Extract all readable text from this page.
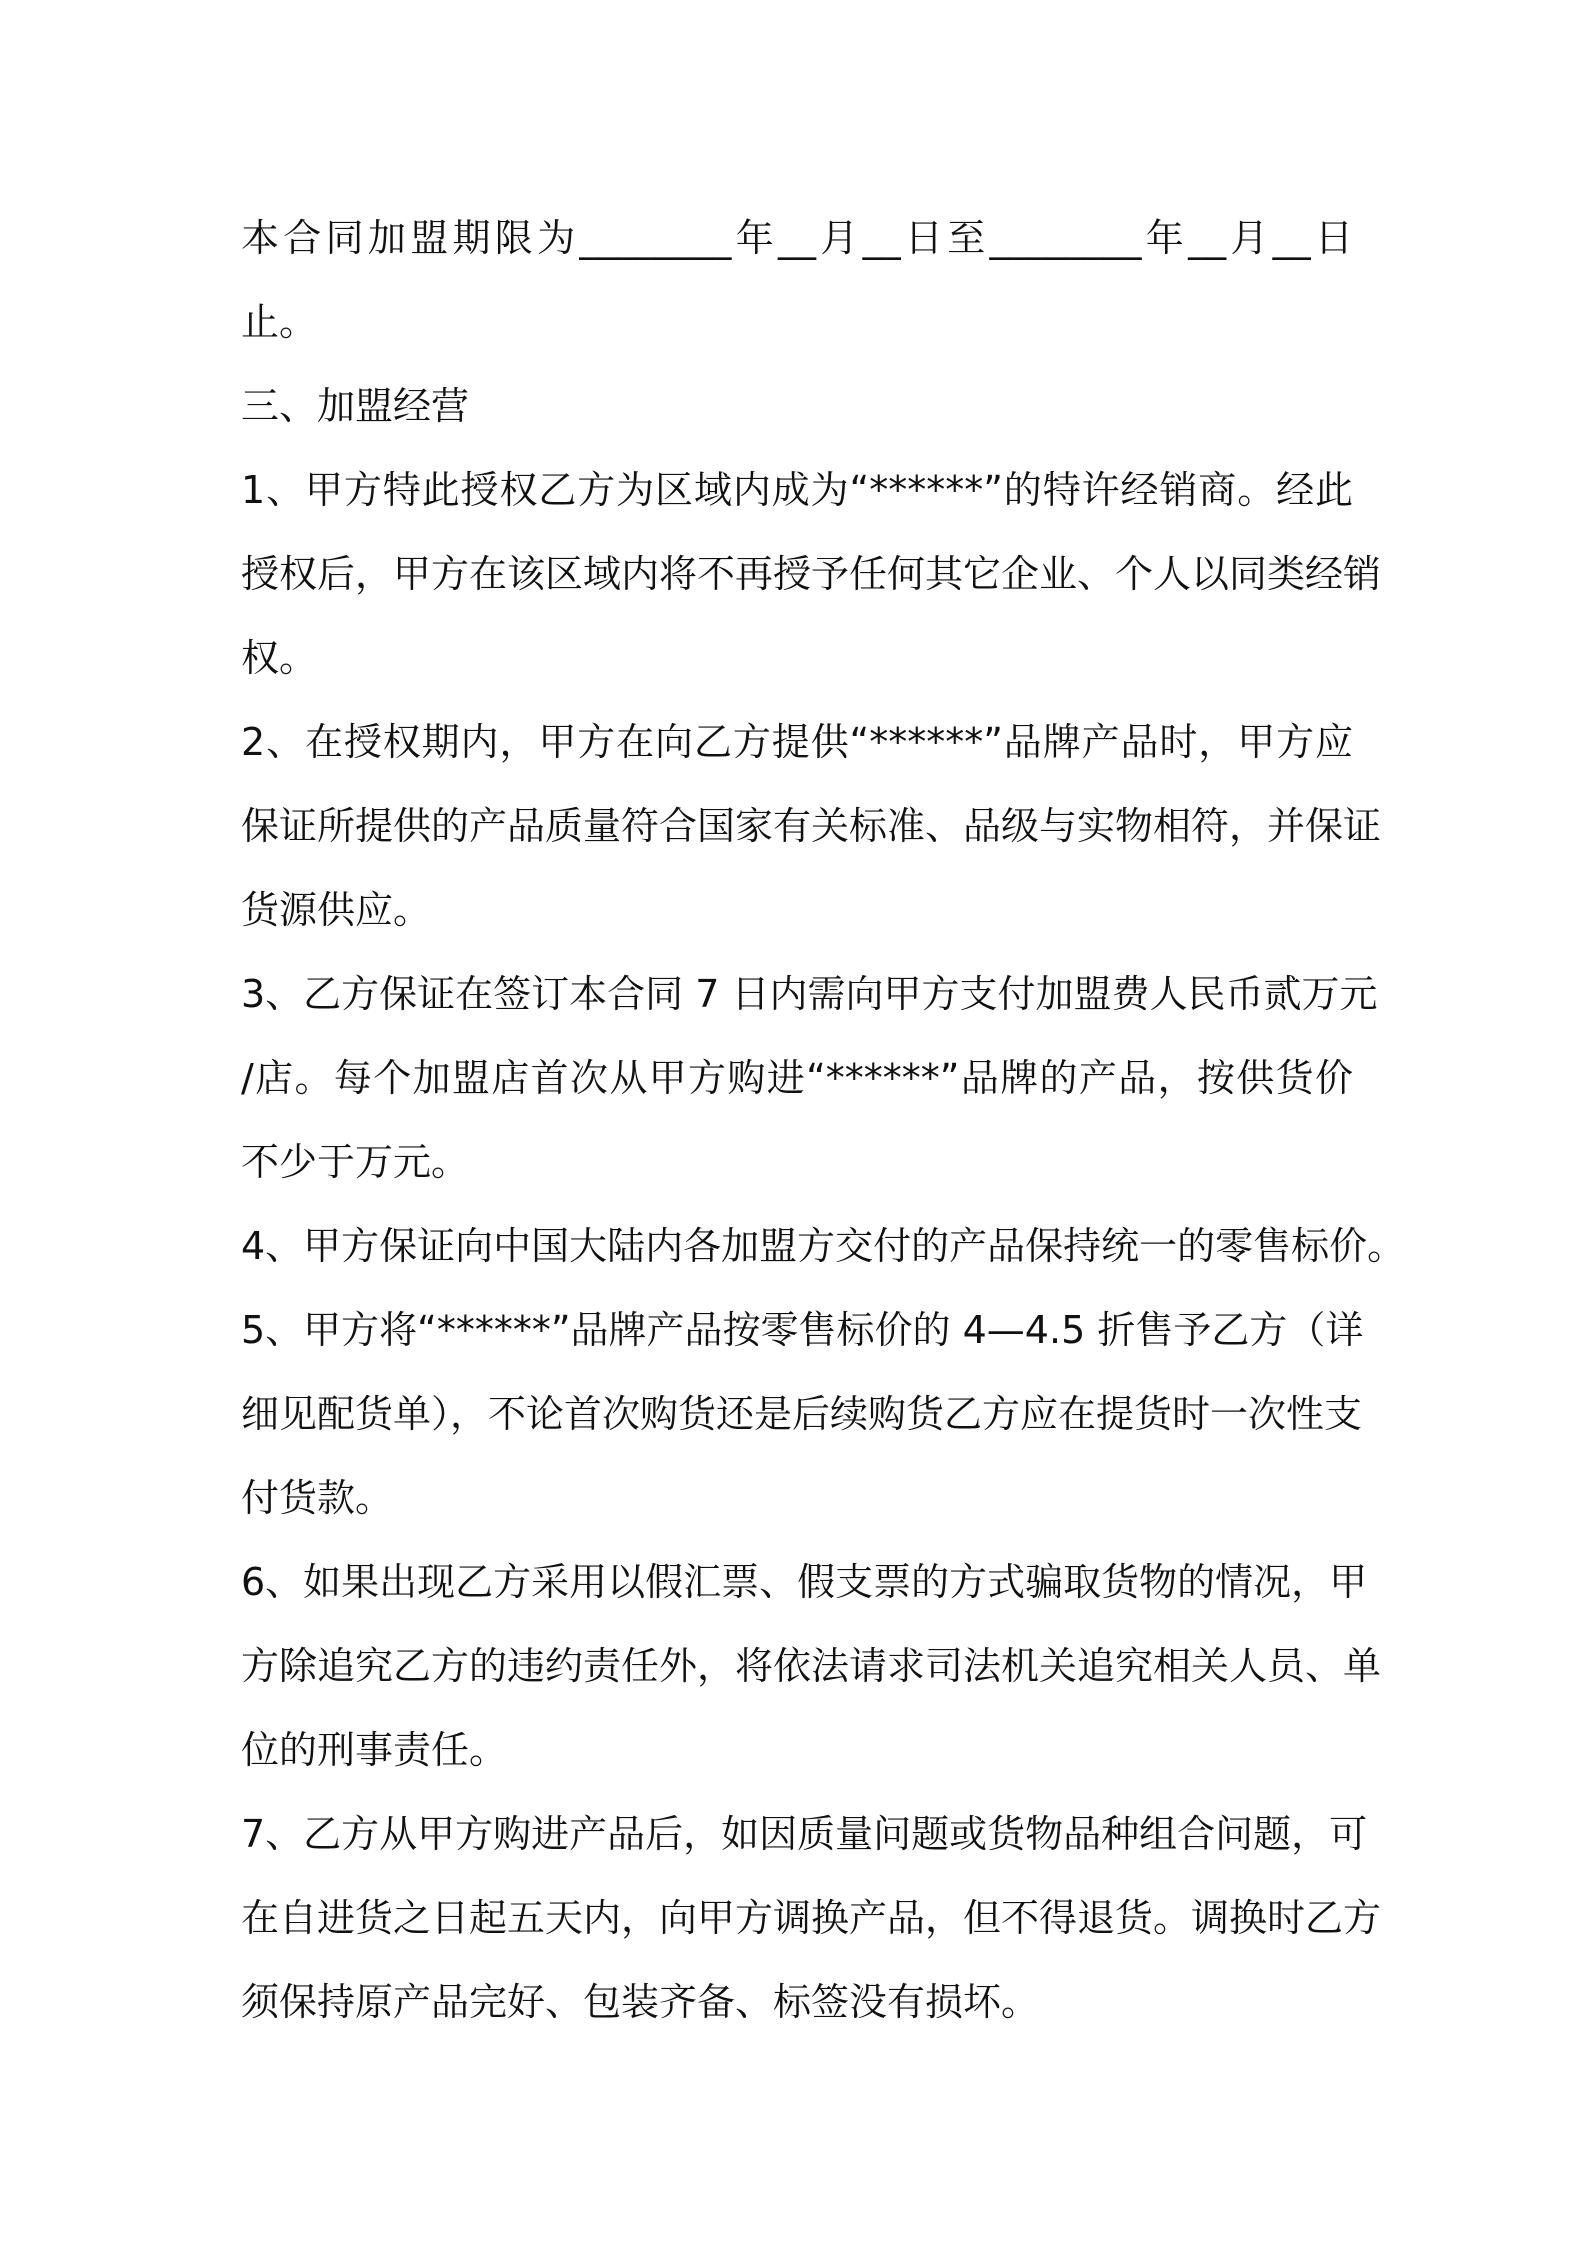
本合同加盟期限为________年__月__日至________年__月__日
止。
三、加盟经营
1、甲方特此授权乙方为区域内成为“******”的特许经销商。经此
授权后，甲方在该区域内将不再授予任何其它企业、个人以同类经销
权。
2、在授权期内，甲方在向乙方提供“******”品牌产品时，甲方应
保证所提供的产品质量符合国家有关标准、品级与实物相符，并保证
货源供应。
3、乙方保证在签订本合同 7 日内需向甲方支付加盟费人民币贰万元
/店。每个加盟店首次从甲方购进“******”品牌的产品，按供货价
不少于万元。
4、甲方保证向中国大陆内各加盟方交付的产品保持统一的零售标价。
5、甲方将“******”品牌产品按零售标价的 4—4.5 折售予乙方（详
细见配货单），不论首次购货还是后续购货乙方应在提货时一次性支
付货款。
6、如果出现乙方采用以假汇票、假支票的方式骗取货物的情况，甲
方除追究乙方的违约责任外，将依法请求司法机关追究相关人员、单
位的刑事责任。
7、乙方从甲方购进产品后，如因质量问题或货物品种组合问题，可
在自进货之日起五天内，向甲方调换产品，但不得退货。调换时乙方
须保持原产品完好、包装齐备、标签没有损坏。
